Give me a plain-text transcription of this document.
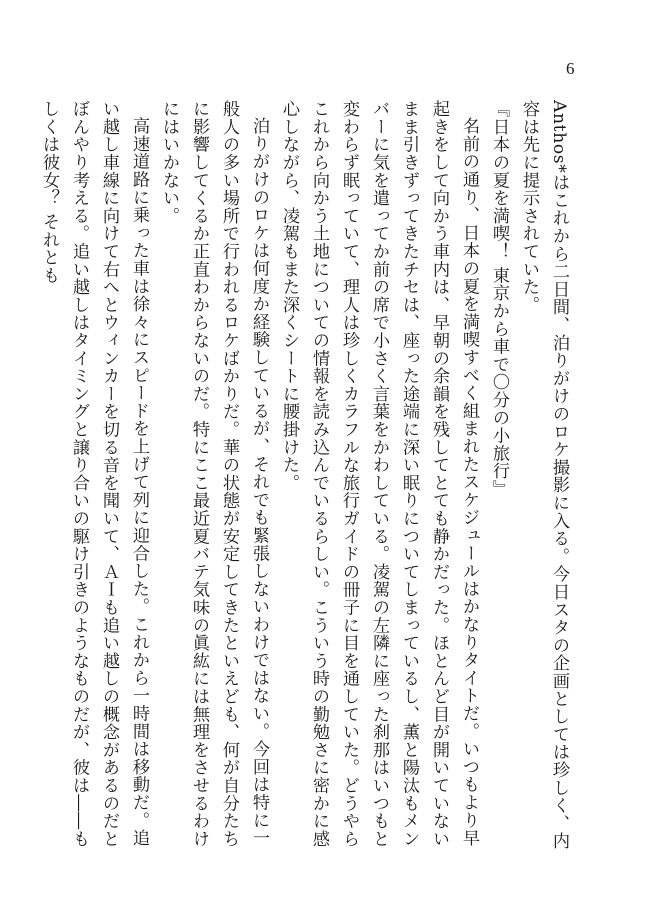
6

Anthos*はこれから二日間、泊りがけのロケ撮影に入る。今日スタの企画としては珍しく、内容は先に提示されていた。

『日本の夏を満喫！ 東京から車で〇分の小旅行』

名前の通り、日本の夏を満喫すべく組まれたスケジュールはかなりタイトだ。いつもより早起きをして向かう車内は、早朝の余韻を残してとても静かだった。ほとんど目が開いていないまま引きずってきたチセは、座った途端に深い眠りについてしまっているし、薫と陽汰もメンバーに気を遣ってか前の席で小さく言葉をかわしている。凌駕の左隣に座った刹那はいつもと変わらず眠っていて、理人は珍しくカラフルな旅行ガイドの冊子に目を通していた。どうやらこれから向かう土地についての情報を読み込んでいるらしい。こういう時の勤勉さに密かに感心しながら、凌駕もまた深くシートに腰掛けた。

泊りがけのロケは何度か経験しているが、それでも緊張しないわけではない。今回は特に一般人の多い場所で行われるロケばかりだ。華の状態が安定してきたといえども、何が自分たちに影響してくるか正直わからないのだ。特にここ最近夏バテ気味の眞紘には無理をさせるわけにはいかない。

高速道路に乗った車は徐々にスピードを上げて列に迎合した。これから一時間は移動だ。追い越し車線に向けて右へとウィンカーを切る音を聞いて、ＡＩも追い越しの概念があるのだとぼんやり考える。追い越しはタイミングと譲り合いの駆け引きのようなものだが、彼は――もしくは彼女？ それとも
